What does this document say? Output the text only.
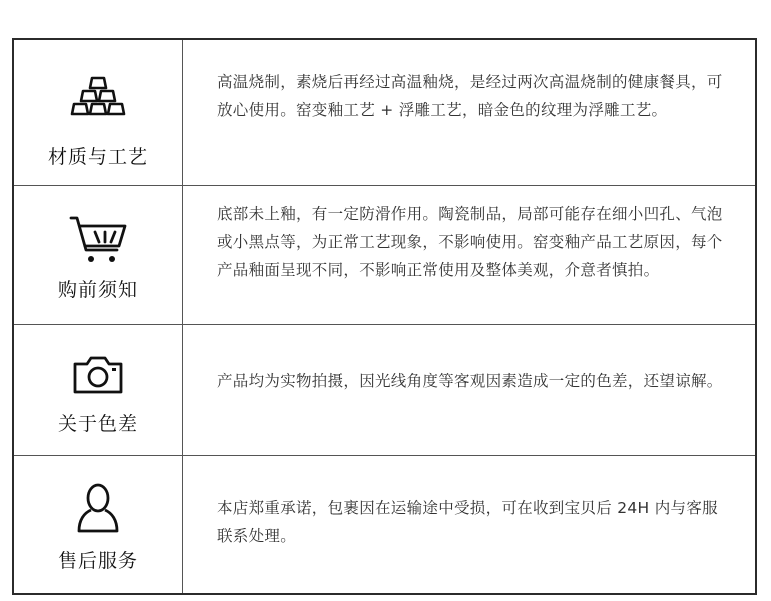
材质与工艺
高温烧制，素烧后再经过高温釉烧，是经过两次高温烧制的健康餐具，可放心使用。窑变釉工艺 + 浮雕工艺，暗金色的纹理为浮雕工艺。
购前须知
底部未上釉，有一定防滑作用。陶瓷制品，局部可能存在细小凹孔、气泡或小黑点等，为正常工艺现象，不影响使用。窑变釉产品工艺原因，每个产品釉面呈现不同，不影响正常使用及整体美观，介意者慎拍。
关于色差
产品均为实物拍摄，因光线角度等客观因素造成一定的色差，还望谅解。
售后服务
本店郑重承诺，包裹因在运输途中受损，可在收到宝贝后 24H 内与客服联系处理。
